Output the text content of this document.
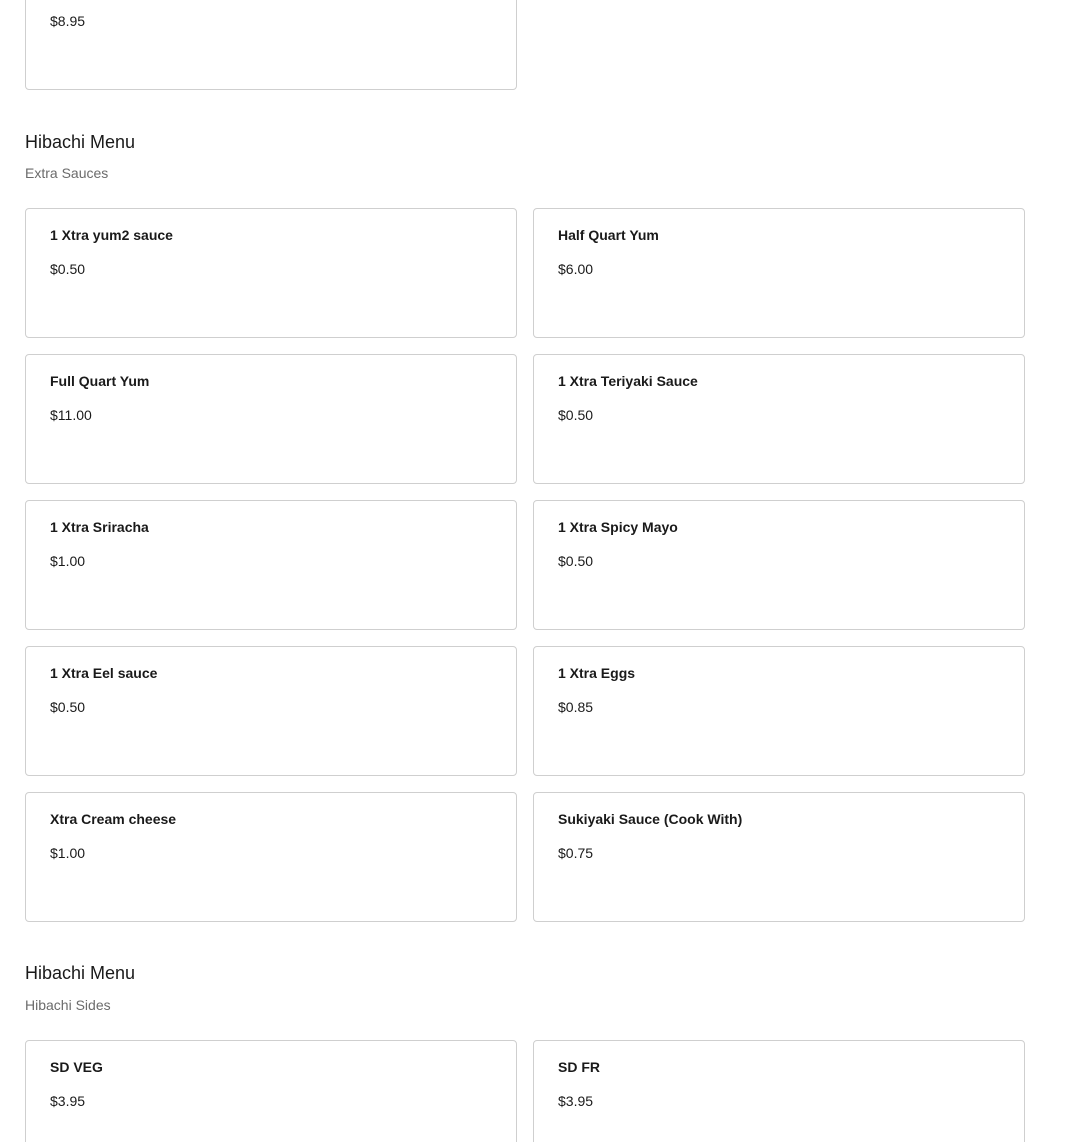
$8.95
Hibachi Menu
Extra Sauces
1 Xtra yum2 sauce
$0.50
Half Quart Yum
$6.00
Full Quart Yum
$11.00
1 Xtra Teriyaki Sauce
$0.50
1 Xtra Sriracha
$1.00
1 Xtra Spicy Mayo
$0.50
1 Xtra Eel sauce
$0.50
1 Xtra Eggs
$0.85
Xtra Cream cheese
$1.00
Sukiyaki Sauce (Cook With)
$0.75
Hibachi Menu
Hibachi Sides
SD VEG
$3.95
SD FR
$3.95
